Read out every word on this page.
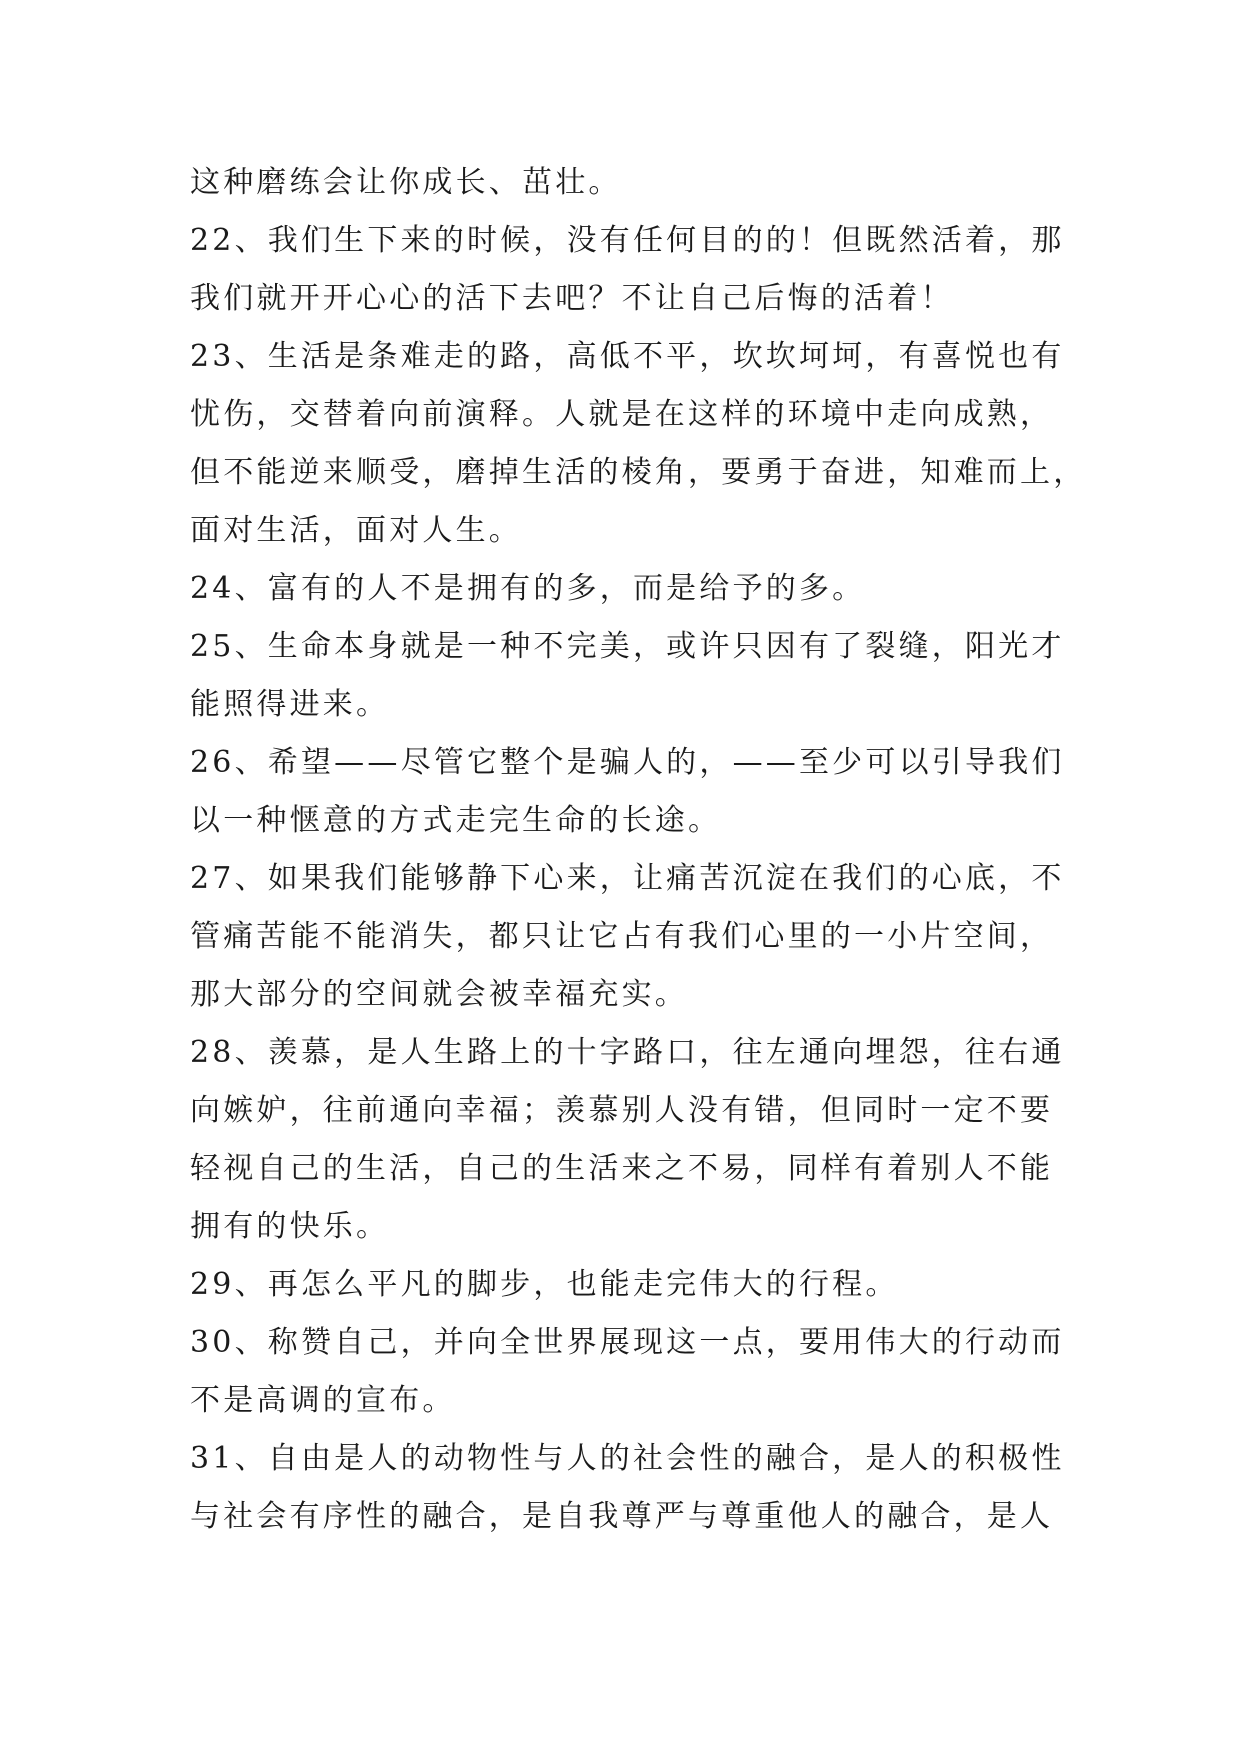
这种磨练会让你成长、茁壮。
22、我们生下来的时候，没有任何目的的！但既然活着，那
我们就开开心心的活下去吧？不让自己后悔的活着！
23、生活是条难走的路，高低不平，坎坎坷坷，有喜悦也有
忧伤，交替着向前演释。人就是在这样的环境中走向成熟，
但不能逆来顺受，磨掉生活的棱角，要勇于奋进，知难而上，
面对生活，面对人生。
24、富有的人不是拥有的多，而是给予的多。
25、生命本身就是一种不完美，或许只因有了裂缝，阳光才
能照得进来。
26、希望——尽管它整个是骗人的，——至少可以引导我们
以一种惬意的方式走完生命的长途。
27、如果我们能够静下心来，让痛苦沉淀在我们的心底，不
管痛苦能不能消失，都只让它占有我们心里的一小片空间，
那大部分的空间就会被幸福充实。
28、羡慕，是人生路上的十字路口，往左通向埋怨，往右通
向嫉妒，往前通向幸福；羡慕别人没有错，但同时一定不要
轻视自己的生活，自己的生活来之不易，同样有着别人不能
拥有的快乐。
29、再怎么平凡的脚步，也能走完伟大的行程。
30、称赞自己，并向全世界展现这一点，要用伟大的行动而
不是高调的宣布。
31、自由是人的动物性与人的社会性的融合，是人的积极性
与社会有序性的融合，是自我尊严与尊重他人的融合，是人
